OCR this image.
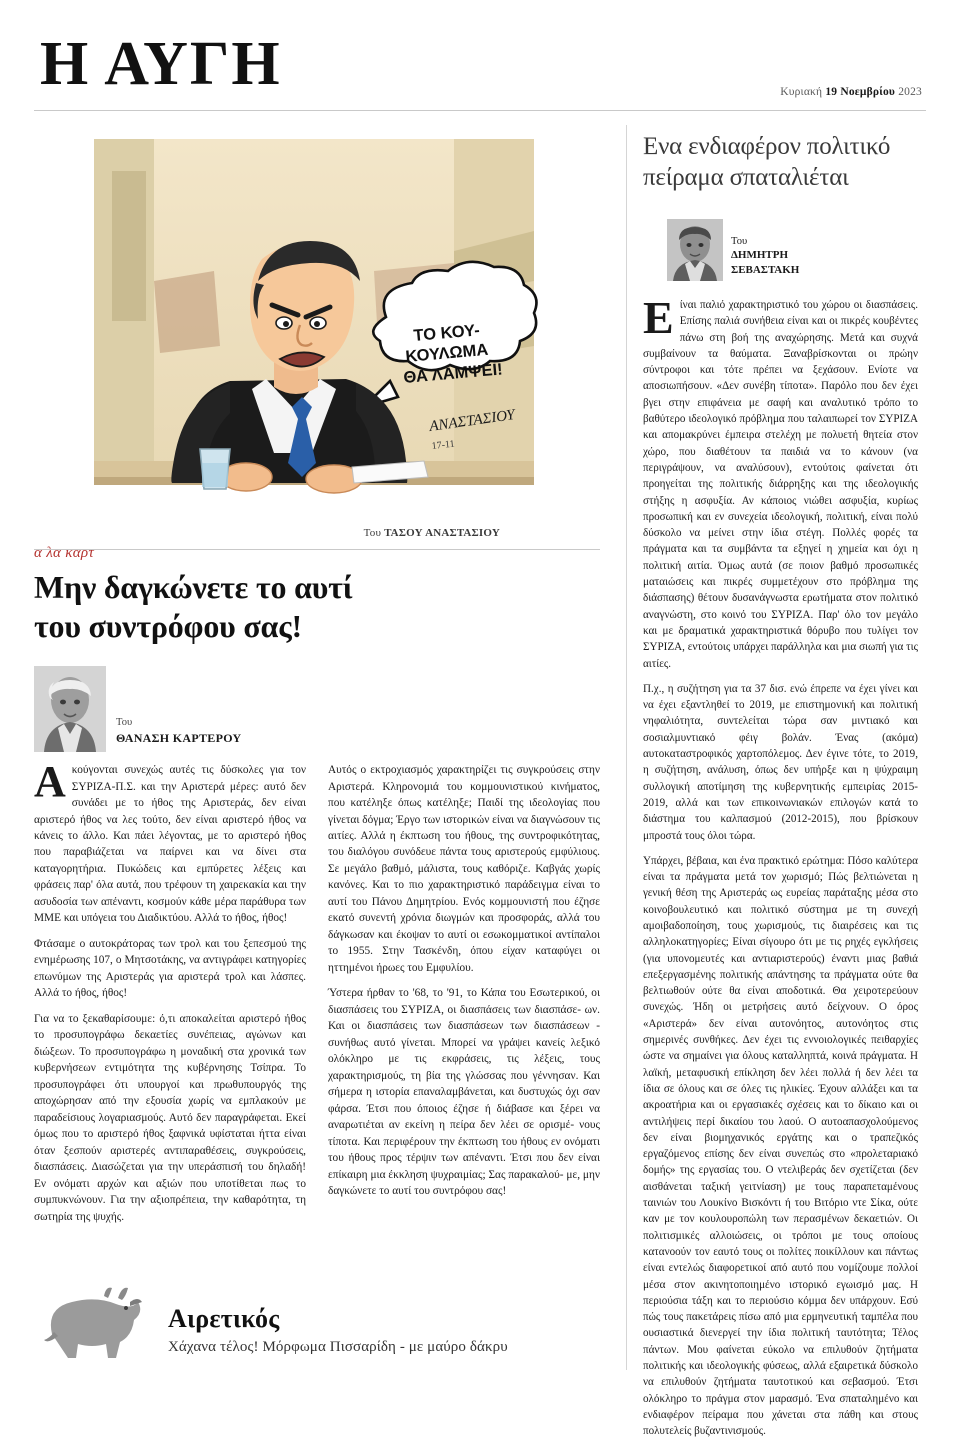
Η ΑΥΓΗ	Κυριακή 19 Νοεμβρίου 2023
ΤΟ ΚΟΥ-
ΚΟΥΛΩΜΑ
ΘΑ ΛΑΜΨΕΙ!
ΑΝΑΣΤΑΣΙΟΥ
17-11
Του ΤΑΣΟΥ ΑΝΑΣΤΑΣΙΟΥ
α λα καρτ
Μην δαγκώνετε το αυτί
του συντρόφου σας!
Του
ΘΑΝΑΣΗ ΚΑΡΤΕΡΟΥ

Ακούγονται συνεχώς αυτές τις δύσκολες για τον ΣΥΡΙΖΑ-Π.Σ. και την Αριστερά μέρες: αυτό δεν συνάδει με το ήθος της Αριστεράς, δεν είναι αριστερό ήθος να λες τούτο, δεν είναι αριστερό ήθος να κάνεις το άλλο. Και πάει λέγοντας, με το αριστερό ήθος που παραβιάζεται να παίρνει και να δίνει στα καταγορητήρια. Πυκώδεις και εμπύρετες λέξεις και φράσεις παρ' όλα αυτά, που τρέφουν τη χαιρεκακία και την ασυδοσία των απέναντι, κοσμούν κάθε μέρα παράθυρα των ΜΜΕ και υπόγεια του Διαδικτύου. Αλλά το ήθος, ήθος!

Φτάσαμε ο αυτοκράτορας των τρολ και του ξεπεσμού της ενημέρωσης 107, ο Μητσοτάκης, να αντιγράφει κατηγορίες επωνύμων της Αριστεράς για αριστερά τρολ και λάσπες. Αλλά το ήθος, ήθος!

Για να το ξεκαθαρίσουμε: ό,τι αποκαλείται αριστερό ήθος το προσυπογράφω δεκαετίες συνέπειας, αγώνων και διώξεων. Το προσυπογράφω η μοναδική στα χρονικά των κυβερνήσεων εντιμότητα της κυβέρνησης Τσίπρα. Το προσυπογράφει ότι υπουργοί και πρωθυπουργός της αποχώρησαν από την εξουσία χωρίς να εμπλακούν με παραδείσιους λογαριασμούς. Αυτό δεν παραγράφεται. Εκεί όμως που το αριστερό ήθος ξαφνικά υφίσταται ήττα είναι όταν ξεσπούν αριστερές αντιπαραθέσεις, συγκρούσεις, διασπάσεις. Διασώζεται για την υπεράσπισή του δηλαδή! Εν ονόματι αρχών και αξιών που υποτίθεται πως το συμπυκνώνουν. Για την αξιοπρέπεια, την καθαρότητα, τη σωτηρία της ψυχής.

Αυτός ο εκτροχιασμός χαρακτηρίζει τις συγκρούσεις στην Αριστερά. Κληρονομιά του κομμουνιστικού κινήματος, που κατέληξε όπως κατέληξε; Παιδί της ιδεολογίας που γίνεται δόγμα; Έργο των ιστορικών είναι να διαγνώσουν τις αιτίες. Αλλά η έκπτωση του ήθους, της συντροφικότητας, του διαλόγου συνόδευε πάντα τους αριστερούς εμφύλιους. Σε μεγάλο βαθμό, μάλιστα, τους καθόριζε. Καβγάς χωρίς κανόνες. Και το πιο χαρακτηριστικό παράδειγμα είναι το αυτί του Πάνου Δημητρίου. Ενός κομμουνιστή που έζησε εκατό συνεντή χρόνια διωγμών και προσφοράς, αλλά του δάγκωσαν και έκοψαν το αυτί οι εσωκομματικοί αντίπαλοι το 1955. Στην Τασκένδη, όπου είχαν καταφύγει οι ηττημένοι ήρωες του Εμφυλίου.

Ύστερα ήρθαν το '68, το '91, το Κάπα του Εσωτερικού, οι διασπάσεις του ΣΥΡΙΖΑ, οι διασπάσεις των διασπάσε- ων. Και οι διασπάσεις των διασπάσεων των διασπάσεων - συνήθως αυτό γίνεται. Μπορεί να γράψει κανείς λεξικό ολόκληρο με τις εκφράσεις, τις λέξεις, τους χαρακτηρισμούς, τη βία της γλώσσας που γέννησαν. Και σήμερα η ιστορία επαναλαμβάνεται, και δυστυχώς όχι σαν φάρσα. Έτσι που όποιος έζησε ή διάβασε και ξέρει να αναρωτιέται αν εκείνη η πείρα δεν λέει σε ορισμέ- νους τίποτα. Και περιφέρουν την έκπτωση του ήθους εν ονόματι του ήθους προς τέρψιν των απέναντι. Έτσι που δεν είναι επίκαιρη μια έκκληση ψυχραιμίας; Σας παρακαλού- με, μην δαγκώνετε το αυτί του συντρόφου σας!

Ενα ενδιαφέρον πολιτικό
πείραμα σπαταλιέται
Του
ΔΗΜΗΤΡΗ
ΣΕΒΑΣΤΑΚΗ

Είναι παλιό χαρακτηριστικό του χώρου οι διασπάσεις. Επίσης παλιά συνήθεια είναι και οι πικρές κουβέντες πάνω στη βοή της αναχώρησης. Μετά και συχνά συμβαίνουν τα θαύματα. Ξαναβρίσκονται οι πρώην σύντροφοι και τότε πρέπει να ξεχάσουν. Ενίοτε να αποσιωπήσουν. «Δεν συνέβη τίποτα». Παρόλο που δεν έχει βγει στην επιφάνεια με σαφή και αναλυτικό τρόπο το βαθύτερο ιδεολογικό πρόβλημα που ταλαιπωρεί τον ΣΥΡΙΖΑ και απομακρύνει έμπειρα στελέχη με πολυετή θητεία στον χώρο, που διαθέτουν τα παιδιά να το κάνουν (να περιγράψουν, να αναλύσουν), εντούτοις φαίνεται ότι προηγείται της πολιτικής διάρρηξης και της ιδεολογικής στήξης η ασφυξία. Αν κάποιος νιώθει ασφυξία, κυρίως προσωπική και εν συνεχεία ιδεολογική, πολιτική, είναι πολύ δύσκολο να μείνει στην ίδια στέγη. Πολλές φορές τα πράγματα και τα συμβάντα τα εξηγεί η χημεία και όχι η πολιτική αιτία. Όμως αυτά (σε ποιον βαθμό προσωπικές ματαιώσεις και πικρές συμμετέχουν στο πρόβλημα της διάσπασης) θέτουν δυσανάγνωστα ερωτήματα στον πολιτικό αναγνώστη, στο κοινό του ΣΥΡΙΖΑ. Παρ' όλο τον μεγάλο και με δραματικά χαρακτηριστικά θόρυβο που τυλίγει τον ΣΥΡΙΖΑ, εντούτοις υπάρχει παράλληλα και μια σιωπή για τις αιτίες.

Π.χ., η συζήτηση για τα 37 δισ. ενώ έπρεπε να έχει γίνει και να έχει εξαντληθεί το 2019, με επιστημονική και πολιτική νηφαλιότητα, συντελείται τώρα σαν μιντιακό και σοσιαλμυντιακό φέιγ βολάν. Ένας (ακόμα) αυτοκαταστροφικός χαρτοπόλεμος. Δεν έγινε τότε, το 2019, η συζήτηση, ανάλυση, όπως δεν υπήρξε και η ψύχραιμη συλλογική αποτίμηση της κυβερνητικής εμπειρίας 2015-2019, αλλά και των επικοινωνιακών επιλογών κατά το διάστημα του καλπασμού (2012-2015), που βρίσκουν μπροστά τους όλοι τώρα.

Υπάρχει, βέβαια, και ένα πρακτικό ερώτημα: Πόσο καλύτερα είναι τα πράγματα μετά τον χωρισμό; Πώς βελτιώνεται η γενική θέση της Αριστεράς ως ευρείας παράταξης μέσα στο κοινοβουλευτικό και πολιτικό σύστημα με τη συνεχή αμοιβαδοποίηση, τους χωρισμούς, τις διαιρέσεις και τις αλληλοκατηγορίες; Είναι σίγουρο ότι με τις ρηχές εγκλήσεις (για υπονομευτές και αντιαριστερούς) έναντι μιας βαθιά επεξεργασμένης πολιτικής απάντησης τα πράγματα ούτε θα βελτιωθούν ούτε θα είναι αποδοτικά. Θα χειροτερεύουν συνεχώς. Ήδη οι μετρήσεις αυτό δείχνουν. Ο όρος «Αριστερά» δεν είναι αυτονόητος, αυτονόητος στις σημερινές συνθήκες. Δεν έχει τις εννοιολογικές πειθαρχίες ώστε να σημαίνει για όλους καταλληπτά, κοινά πράγματα. Η λαϊκή, μεταφυσική επίκληση δεν λέει πολλά ή δεν λέει τα ίδια σε όλους και σε όλες τις ηλικίες. Έχουν αλλάξει και τα ακροατήρια και οι εργασιακές σχέσεις και το δίκαιο και οι αντιλήψεις περί δικαίου του λαού. Ο αυτοαπασχολούμενος δεν είναι βιομηχανικός εργάτης και ο τραπεζικός εργαζόμενος επίσης δεν είναι συνεπώς στο «προλεταριακό δομής» της εργασίας του. Ο ντελιβεράς δεν σχετίζεται (δεν αισθάνεται ταξική γειτνίαση) με τους παραπεταμένους ταινιών του Λουκίνο Βισκόντι ή του Βιτόριο ντε Σίκα, ούτε καν με τον κουλουροπώλη των περασμένων δεκαετιών. Οι πολιτισμικές αλλοιώσεις, οι τρόποι με τους οποίους κατανοούν τον εαυτό τους οι πολίτες ποικίλλουν και πάντως είναι εντελώς διαφορετικοί από αυτό που νομίζουμε πολλοί μέσα στον ακινητοποιημένο ιστορικό εγωισμό μας. Η περιούσια τάξη και το περιούσιο κόμμα δεν υπάρχουν. Εσύ πώς τους πακετάρεις πίσω από μια ερμηνευτική ταμπέλα που ουσιαστικά διενεργεί την ίδια πολιτική ταυτότητα; Τέλος πάντων. Μου φαίνεται εύκολο να επιλυθούν ζητήματα πολιτικής και ιδεολογικής φύσεως, αλλά εξαιρετικά δύσκολο να επιλυθούν ζητήματα ταυτοτικού και σεβασμού. Έτσι ολόκληρο το πράγμα στον μαρασμό. Ένα σπαταλημένο και ενδιαφέρον πείραμα που χάνεται στα πάθη και στους πολυτελείς βυζαντινισμούς.

Αιρετικός
Χάχανα τέλος! Μόρφωμα Πισσαρίδη - με μαύρο δάκρυ
